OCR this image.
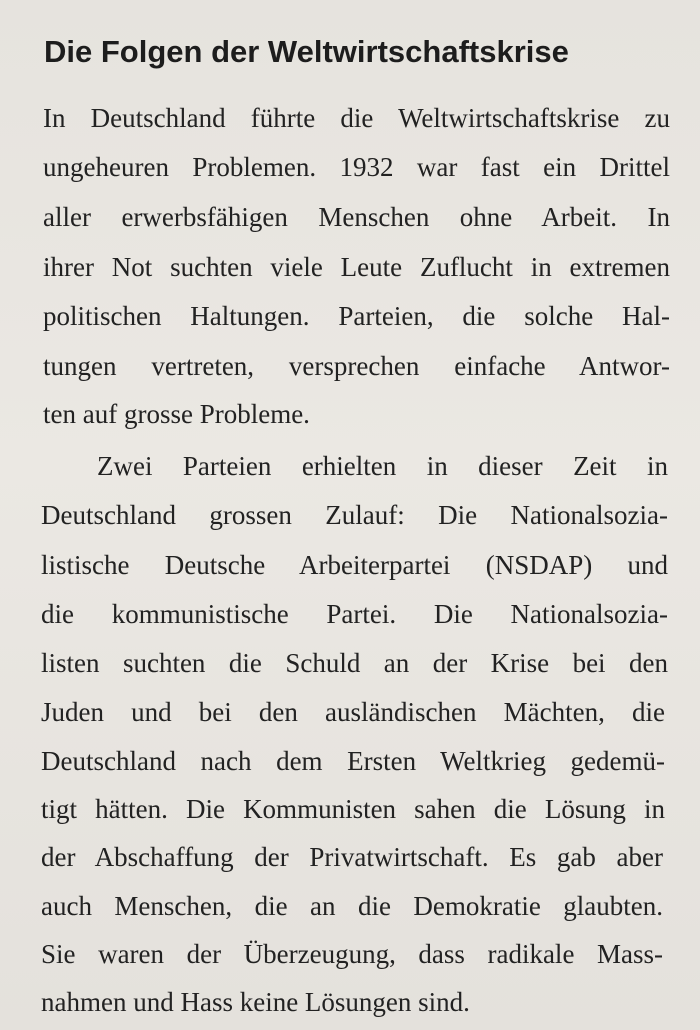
Die Folgen der Weltwirtschaftskrise
In Deutschland führte die Weltwirtschaftskrise zu
ungeheuren Problemen. 1932 war fast ein Drittel
aller erwerbsfähigen Menschen ohne Arbeit. In
ihrer Not suchten viele Leute Zuflucht in extremen
politischen Haltungen. Parteien, die solche Hal-
tungen vertreten, versprechen einfache Antwor-
ten auf grosse Probleme.
Zwei Parteien erhielten in dieser Zeit in
Deutschland grossen Zulauf: Die Nationalsozia-
listische Deutsche Arbeiterpartei (NSDAP) und
die kommunistische Partei. Die Nationalsozia-
listen suchten die Schuld an der Krise bei den
Juden und bei den ausländischen Mächten, die
Deutschland nach dem Ersten Weltkrieg gedemü-
tigt hätten. Die Kommunisten sahen die Lösung in
der Abschaffung der Privatwirtschaft. Es gab aber
auch Menschen, die an die Demokratie glaubten.
Sie waren der Überzeugung, dass radikale Mass-
nahmen und Hass keine Lösungen sind.
